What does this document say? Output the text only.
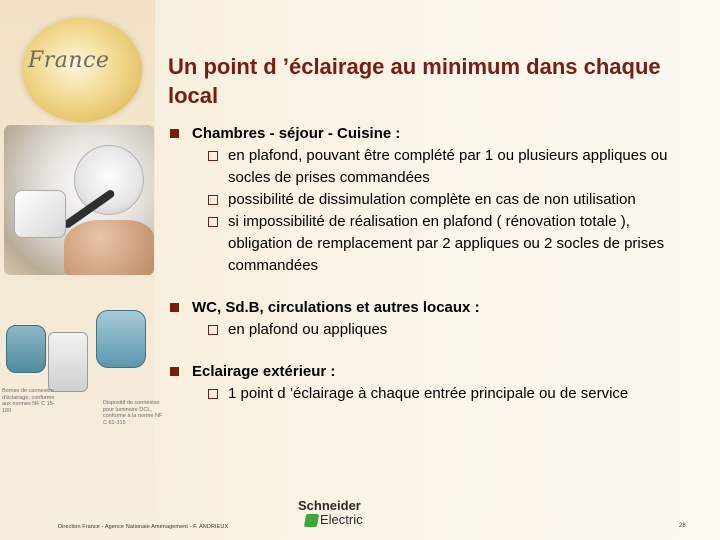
France
Bornes de connexion d'éclairage, conforme aux normes NF C 15-100
Dispositif de connexion pour luminaire DCL, conforme à la norme NF C 61-315
Un point d ’éclairage au minimum dans chaque local
Chambres - séjour - Cuisine :
en plafond, pouvant être complété par 1 ou plusieurs appliques ou socles de prises commandées
possibilité de dissimulation complète en cas de non utilisation
si impossibilité de réalisation en plafond ( rénovation totale ), obligation de remplacement par 2 appliques ou 2 socles de prises commandées
WC, Sd.B, circulations et autres locaux :
en plafond ou appliques
Eclairage extérieur :
1 point d ’éclairage à chaque entrée principale ou de service
Direction France - Agence Nationale Aménagement - F. ANDRIEUX
Schneider
Electric	28
